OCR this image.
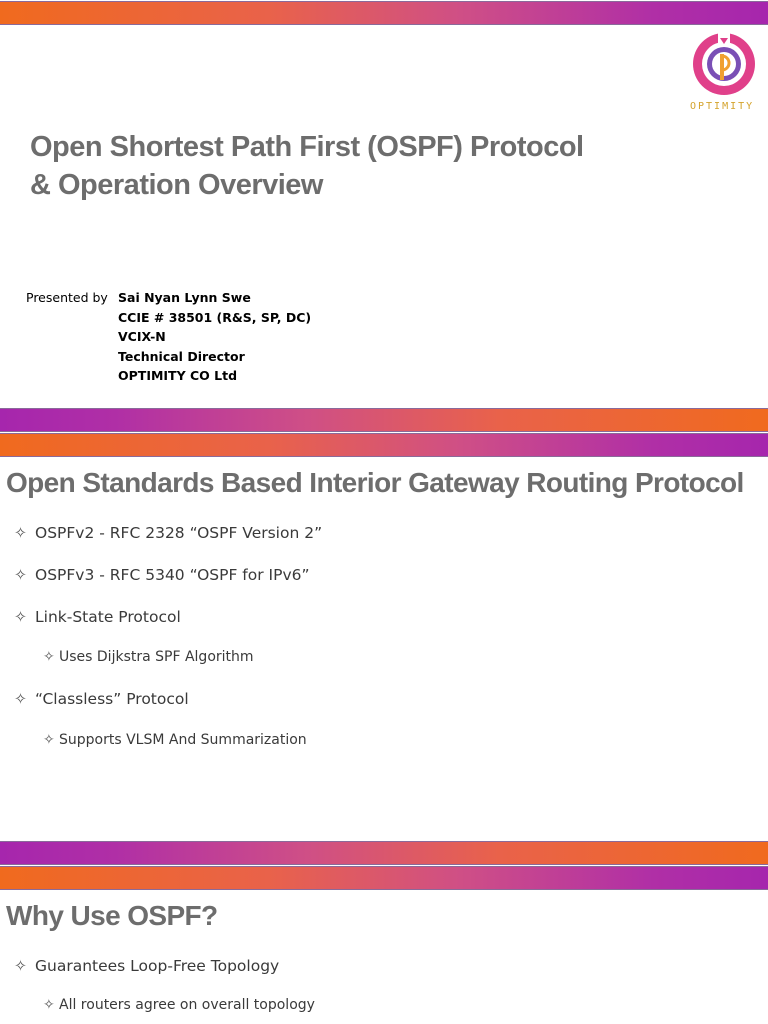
OPTIMITY
Open Shortest Path First (OSPF) Protocol
& Operation Overview
Presented by Sai Nyan Lynn Swe
CCIE # 38501 (R&S, SP, DC)
VCIX-N
Technical Director
OPTIMITY CO Ltd
Open Standards Based Interior Gateway Routing Protocol
✧ OSPFv2 - RFC 2328 “OSPF Version 2”
✧ OSPFv3 - RFC 5340 “OSPF for IPv6”
✧ Link-State Protocol
✧ Uses Dijkstra SPF Algorithm
✧ “Classless” Protocol
✧ Supports VLSM And Summarization
Why Use OSPF?
✧ Guarantees Loop-Free Topology
✧ All routers agree on overall topology
